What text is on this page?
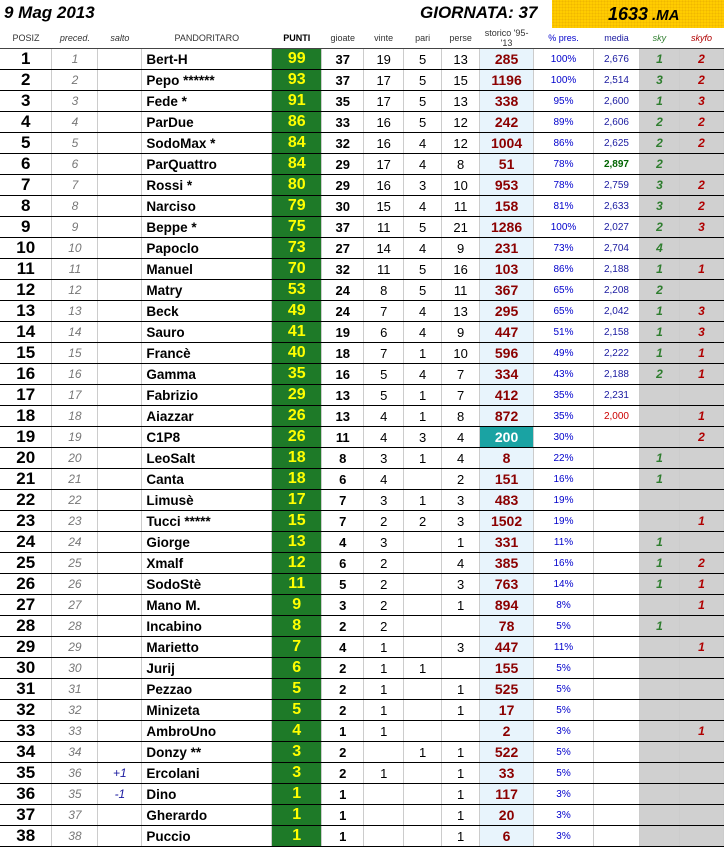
9 Mag 2013	GIORNATA: 37	1633 .MA
POSIZ	preced.	salto	PANDORITARO	PUNTI	gioate	vinte	pari	perse	storico '95-'13	% pres.	media	sky	skyfo
1	1		Bert-H	99	37	19	5	13	285	100%	2,676	1	2
2	2		Pepo ******	93	37	17	5	15	1196	100%	2,514	3	2
3	3		Fede *	91	35	17	5	13	338	95%	2,600	1	3
4	4		ParDue	86	33	16	5	12	242	89%	2,606	2	2
5	5		SodoMax *	84	32	16	4	12	1004	86%	2,625	2	2
6	6		ParQuattro	84	29	17	4	8	51	78%	2,897	2	
7	7		Rossi *	80	29	16	3	10	953	78%	2,759	3	2
8	8		Narciso	79	30	15	4	11	158	81%	2,633	3	2
9	9		Beppe *	75	37	11	5	21	1286	100%	2,027	2	3
10	10		Papoclo	73	27	14	4	9	231	73%	2,704	4	
11	11		Manuel	70	32	11	5	16	103	86%	2,188	1	1
12	12		Matry	53	24	8	5	11	367	65%	2,208	2	
13	13		Beck	49	24	7	4	13	295	65%	2,042	1	3
14	14		Sauro	41	19	6	4	9	447	51%	2,158	1	3
15	15		Francè	40	18	7	1	10	596	49%	2,222	1	1
16	16		Gamma	35	16	5	4	7	334	43%	2,188	2	1
17	17		Fabrizio	29	13	5	1	7	412	35%	2,231		
18	18		Aiazzar	26	13	4	1	8	872	35%	2,000		1
19	19		C1P8	26	11	4	3	4	200	30%			2
20	20		LeoSalt	18	8	3	1	4	8	22%		1	
21	21		Canta	18	6	4		2	151	16%		1	
22	22		Limusè	17	7	3	1	3	483	19%			
23	23		Tucci *****	15	7	2	2	3	1502	19%			1
24	24		Giorge	13	4	3		1	331	11%		1	
25	25		Xmalf	12	6	2		4	385	16%		1	2
26	26		SodoStè	11	5	2		3	763	14%		1	1
27	27		Mano M.	9	3	2		1	894	8%			1
28	28		Incabino	8	2	2			78	5%		1	
29	29		Marietto	7	4	1		3	447	11%			1
30	30		Jurij	6	2	1	1		155	5%			
31	31		Pezzao	5	2	1		1	525	5%			
32	32		Minizeta	5	2	1		1	17	5%			
33	33		AmbroUno	4	1	1			2	3%			1
34	34		Donzy **	3	2		1	1	522	5%			
35	36	+1	Ercolani	3	2	1		1	33	5%			
36	35	-1	Dino	1	1			1	117	3%			
37	37		Gherardo	1	1			1	20	3%			
38	38		Puccio	1	1			1	6	3%			
